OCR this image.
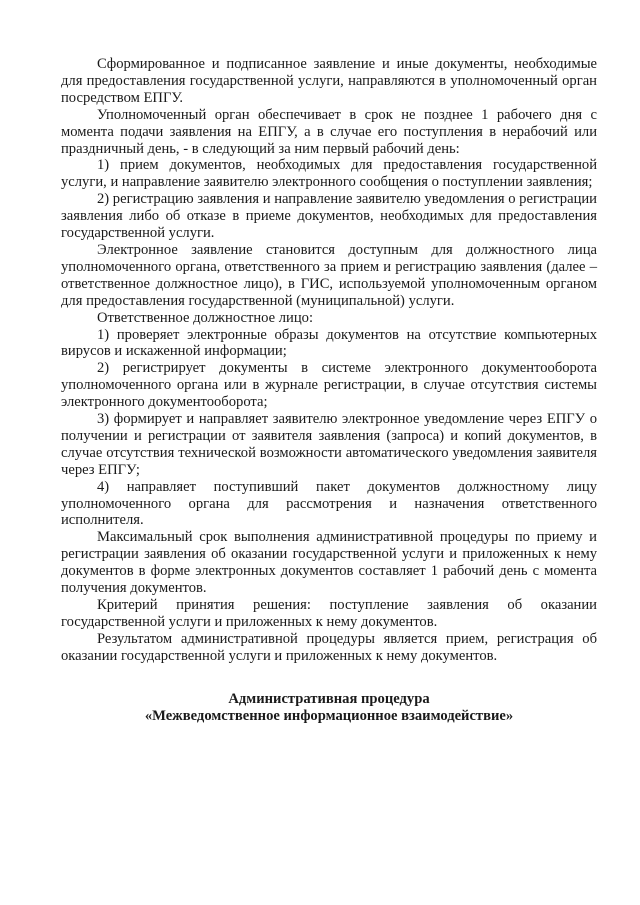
Сформированное и подписанное заявление и иные документы, необходимые для предоставления государственной услуги, направляются в уполномоченный орган посредством ЕПГУ.

Уполномоченный орган обеспечивает в срок не позднее 1 рабочего дня с момента подачи заявления на ЕПГУ, а в случае его поступления в нерабочий или праздничный день, - в следующий за ним первый рабочий день:

1) прием документов, необходимых для предоставления государственной услуги, и направление заявителю электронного сообщения о поступлении заявления;

2) регистрацию заявления и направление заявителю уведомления о регистрации заявления либо об отказе в приеме документов, необходимых для предоставления государственной услуги.

Электронное заявление становится доступным для должностного лица уполномоченного органа, ответственного за прием и регистрацию заявления (далее – ответственное должностное лицо), в ГИС, используемой уполномоченным органом для предоставления государственной (муниципальной) услуги.

Ответственное должностное лицо:

1) проверяет электронные образы документов на отсутствие компьютерных вирусов и искаженной информации;

2) регистрирует документы в системе электронного документооборота уполномоченного органа или в журнале регистрации, в случае отсутствия системы электронного документооборота;

3) формирует и направляет заявителю электронное уведомление через ЕПГУ о получении и регистрации от заявителя заявления (запроса) и копий документов, в случае отсутствия технической возможности автоматического уведомления заявителя через ЕПГУ;

4) направляет поступивший пакет документов должностному лицу уполномоченного органа для рассмотрения и назначения ответственного исполнителя.

Максимальный срок выполнения административной процедуры по приему и регистрации заявления об оказании государственной услуги и приложенных к нему документов в форме электронных документов составляет 1 рабочий день с момента получения документов.

Критерий принятия решения: поступление заявления об оказании государственной услуги и приложенных к нему документов.

Результатом административной процедуры является прием, регистрация об оказании государственной услуги и приложенных к нему документов.

Административная процедура
«Межведомственное информационное взаимодействие»
